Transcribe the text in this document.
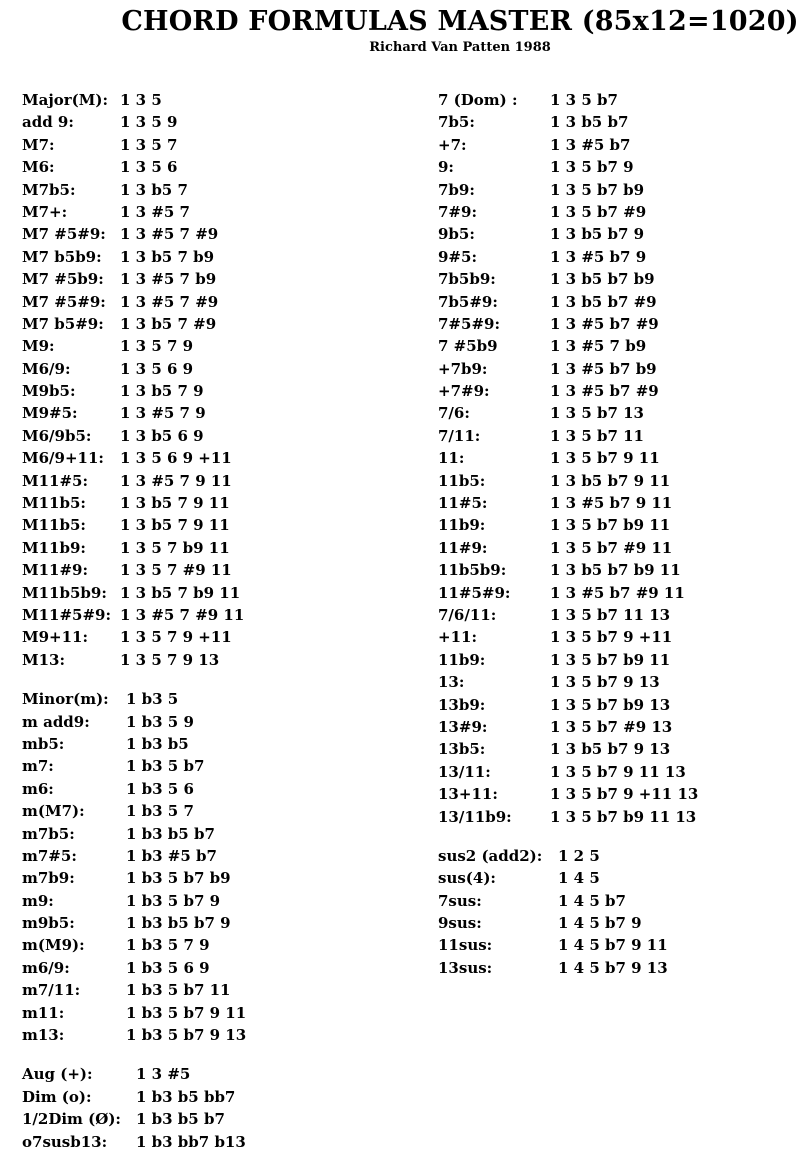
CHORD FORMULAS MASTER (85x12=1020)
Richard Van Patten 1988
Major(M): 1 3 5
add 9:	1 3 5 9
M7:	1 3 5 7
M6:	1 3 5 6
M7b5:	1 3 b5 7
M7+:	1 3 #5 7
M7 #5#9: 1 3 #5 7 #9
M7 b5b9:	1 3 b5 7 b9
M7 #5b9:	1 3 #5 7 b9
M7 #5#9: 1 3 #5 7 #9
M7 b5#9:	1 3 b5 7 #9
M9:	1 3 5 7 9
M6/9:	1 3 5 6 9
M9b5:	1 3 b5 7 9
M9#5:	1 3 #5 7 9
M6/9b5:	1 3 b5 6 9
M6/9+11:	1 3 5 6 9 +11
M11#5:	1 3 #5 7 9 11
M11b5:	1 3 b5 7 9 11
M11b5:	1 3 b5 7 9 11
M11b9:	1 3 5 7 b9 11
M11#9:	1 3 5 7 #9 11
M11b5b9: 1 3 b5 7 b9 11
M11#5#9: 1 3 #5 7 #9 11
M9+11:	1 3 5 7 9 +11
M13:	1 3 5 7 9 13
Minor(m):	1 b3 5
m add9:	1 b3 5 9
mb5:	1 b3 b5
m7:	1 b3 5 b7
m6:	1 b3 5 6
m(M7):	1 b3 5 7
m7b5:	1 b3 b5 b7
m7#5:	1 b3 #5 b7
m7b9:	1 b3 5 b7 b9
m9:	1 b3 5 b7 9
m9b5:	1 b3 b5 b7 9
m(M9):	1 b3 5 7 9
m6/9:	1 b3 5 6 9
m7/11:	1 b3 5 b7 11
m11:	1 b3 5 b7 9 11
m13:	1 b3 5 b7 9 13
Aug (+):	1 3 #5
Dim (o):	1 b3 b5 bb7
1/2Dim (Ø):	1 b3 b5 b7
o7susb13:	1 b3 bb7 b13
7 (Dom) :	1 3 5 b7
7b5:	1 3 b5 b7
+7:	1 3 #5 b7
9:	1 3 5 b7 9
7b9:	1 3 5 b7 b9
7#9:	1 3 5 b7 #9
9b5:	1 3 b5 b7 9
9#5:	1 3 #5 b7 9
7b5b9:	1 3 b5 b7 b9
7b5#9:	1 3 b5 b7 #9
7#5#9:	1 3 #5 b7 #9
7 #5b9	1 3 #5 7 b9
+7b9:	1 3 #5 b7 b9
+7#9:	1 3 #5 b7 #9
7/6:	1 3 5 b7 13
7/11:	1 3 5 b7 11
11:	1 3 5 b7 9 11
11b5:	1 3 b5 b7 9 11
11#5:	1 3 #5 b7 9 11
11b9:	1 3 5 b7 b9 11
11#9:	1 3 5 b7 #9 11
11b5b9:	1 3 b5 b7 b9 11
11#5#9:	1 3 #5 b7 #9 11
7/6/11:	1 3 5 b7 11 13
+11:	1 3 5 b7 9 +11
11b9:	1 3 5 b7 b9 11
13:	1 3 5 b7 9 13
13b9:	1 3 5 b7 b9 13
13#9:	1 3 5 b7 #9 13
13b5:	1 3 b5 b7 9 13
13/11:	1 3 5 b7 9 11 13
13+11:	1 3 5 b7 9 +11 13
13/11b9:	1 3 5 b7 b9 11 13
sus2 (add2):	1 2 5
sus(4):	1 4 5
7sus:	1 4 5 b7
9sus:	1 4 5 b7 9
11sus:	1 4 5 b7 9 11
13sus:	1 4 5 b7 9 13
